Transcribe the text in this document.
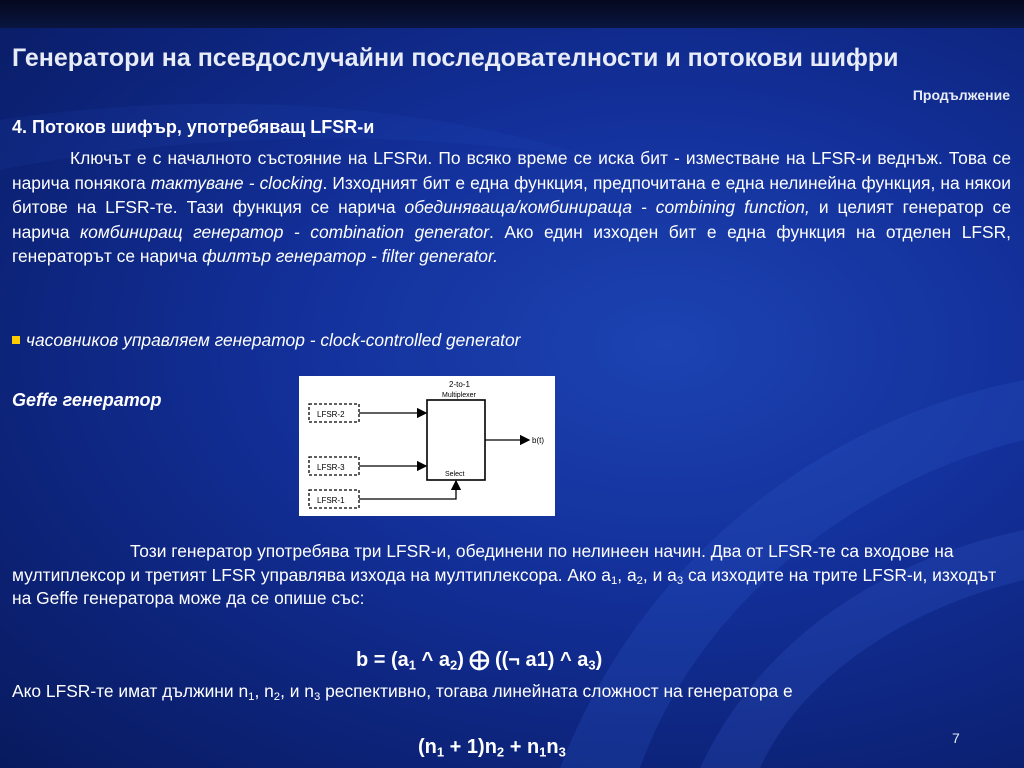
Генератори на псевдослучайни последователности и потокови шифри
Продължение
4. Потоков шифър, употребяващ LFSR-и
Ключът е с началното състояние на LFSRи. По всяко време се иска бит - изместване на LFSR-и веднъж. Това се нарича понякога тактуване - clocking. Изходният бит е една функция, предпочитана е една нелинейна функция, на някои битове на LFSR-те. Тази функция се нарича обединяваща/комбинираща - combining function, и целият генератор се нарича комбиниращ генератор - combination generator. Ако един изходен бит е една функция на отделен LFSR, генераторът се нарича филтър генератор - filter generator.
часовников управляем генератор - clock-controlled generator
Geffe генератор
2-to-1
Multiplexer
LFSR-2
LFSR-3
LFSR-1
Select
b(t)
Този генератор употребява три LFSR-и, обединени по нелинеен начин. Два от LFSR-те са входове на мултиплексор и третият LFSR управлява изхода на мултиплексора. Ако $а_1$, $а_2$, и $а_3$ са изходите на трите LFSR-и, изходът на Geffe генератора може да се опише със:
$b = (a_1$ ^ $a_2$) ⨁ ((¬ a1) ^ $a_3$)
Ако LFSR-те имат дължини $n_1$, $n_2$, и $n_3$ респективно, тогава линейната сложност на генератора е
$(n_1 + 1)n_2 + n_1n_3$
7
